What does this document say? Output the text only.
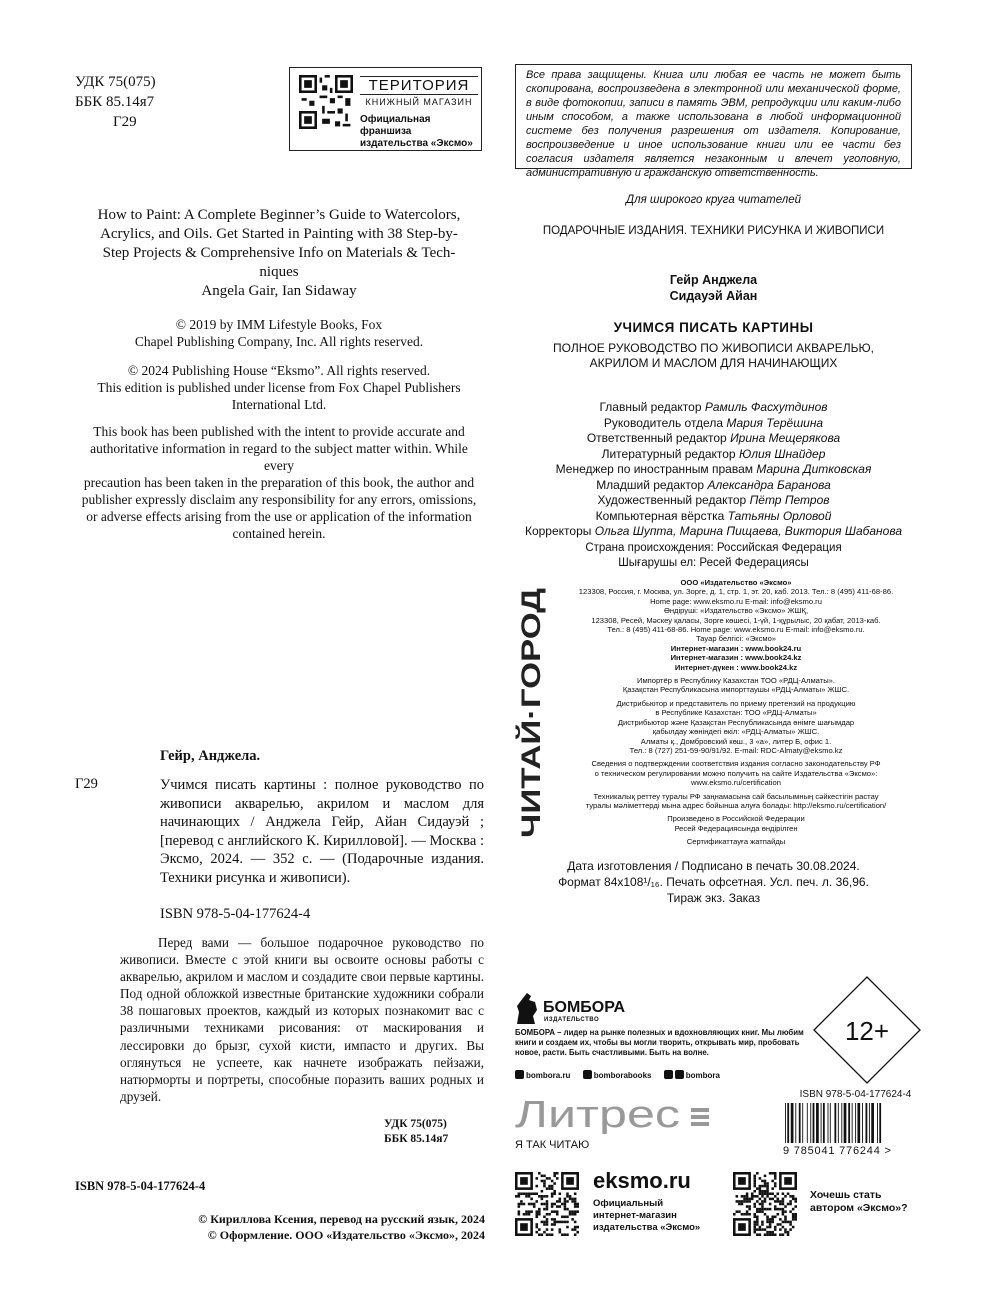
УДК 75(075)
ББК 85.14я7
Г29
ТЕРИТОРИЯ
КНИЖНЫЙ МАГАЗИН
Официальная франшиза издательства «Эксмо»
Все права защищены. Книга или любая ее часть не может быть скопирована, воспроизведена в электронной или механической форме, в виде фотокопии, записи в память ЭВМ, репродукции или каким-либо иным способом, а также использована в любой информационной системе без получения разрешения от издателя. Копирование, воспроизведение и иное использование книги или ее части без согласия издателя является незаконным и влечет уголовную, административную и гражданскую ответственность.
How to Paint: A Complete Beginner’s Guide to Watercolors,
Acrylics, and Oils. Get Started in Painting with 38 Step-by-
Step Projects & Comprehensive Info on Materials & Tech-
niques
Angela Gair, Ian Sidaway
© 2019 by IMM Lifestyle Books, Fox
Chapel Publishing Company, Inc. All rights reserved.
© 2024 Publishing House “Eksmo”. All rights reserved.
This edition is published under license from Fox Chapel Publishers
International Ltd.
This book has been published with the intent to provide accurate and
authoritative information in regard to the subject matter within. While every
precaution has been taken in the preparation of this book, the author and
publisher expressly disclaim any responsibility for any errors, omissions,
or adverse effects arising from the use or application of the information
contained herein.
Для широкого круга читателей
ПОДАРОЧНЫЕ ИЗДАНИЯ. ТЕХНИКИ РИСУНКА И ЖИВОПИСИ
Гейр Анджела
Сидауэй Айан
УЧИМСЯ ПИСАТЬ КАРТИНЫ
ПОЛНОЕ РУКОВОДСТВО ПО ЖИВОПИСИ АКВАРЕЛЬЮ,
АКРИЛОМ И МАСЛОМ ДЛЯ НАЧИНАЮЩИХ
Главный редактор Рамиль Фасхутдинов
Руководитель отдела Мария Терёшина
Ответственный редактор Ирина Мещерякова
Литературный редактор Юлия Шнайдер
Менеджер по иностранным правам Марина Дитковская
Младший редактор Александра Баранова
Художественный редактор Пётр Петров
Компьютерная вёрстка Татьяны Орловой
Корректоры Ольга Шупта, Марина Пищаева, Виктория Шабанова
Страна происхождения: Российская Федерация
Шығарушы ел: Ресей Федерациясы
ЧИТАЙ·ГОРОД
ООО «Издательство «Эксмо»
123308, Россия, г. Москва, ул. Зорге, д. 1, стр. 1, эт. 20, каб. 2013. Тел.: 8 (495) 411-68-86.
Home page: www.eksmo.ru E-mail: info@eksmo.ru
Өндіруші: «Издательство «Эксмо» ЖШҚ,
123308, Ресей, Мәскеу қаласы, Зорге көшесі, 1-үй, 1-құрылыс, 20 қабат, 2013-каб.
Тел.: 8 (495) 411-68-86. Home page: www.eksmo.ru E-mail: info@eksmo.ru.
Тауар белгісі: «Эксмо»
Интернет-магазин : www.book24.ru
Интернет-магазин : www.book24.kz
Интернет-дүкен : www.book24.kz
Импортёр в Республику Казахстан ТОО «РДЦ-Алматы».
Қазақстан Республикасына импорттаушы «РДЦ-Алматы» ЖШС.
Дистрибьютор и представитель по приему претензий на продукцию
в Республике Казахстан: ТОО «РДЦ-Алматы»
Дистрибьютор және Қазақстан Республикасында өнімге шағымдар
қабылдау жөніндегі өкіл: «РДЦ-Алматы» ЖШС.
Алматы қ., Домбровский көш., 3 «а», литер Б, офис 1.
Тел.: 8 (727) 251-59-90/91/92. E-mail: RDC-Almaty@eksmo.kz
Сведения о подтверждении соответствия издания согласно законодательству РФ
о техническом регулировании можно получить на сайте Издательства «Эксмо»:
www.eksmo.ru/certification
Техникалық реттеу туралы РФ заңнамасына сай басылымның сәйкестігін растау
туралы мәліметтерді мына адрес бойынша алуға болады: http://eksmo.ru/certification/
Произведено в Российской Федерации
Ресей Федерациясында өндірілген
Сертификаттауға жатпайды
Дата изготовления / Подписано в печать 30.08.2024.
Формат 84x108¹/₁₆. Печать офсетная. Усл. печ. л. 36,96.
Тираж экз. Заказ
Гейр, Анджела.
Г29	Учимся писать картины : полное руководство по живописи акварелью, акрилом и маслом для начинающих / Анджела Гейр, Айан Сидауэй ; [перевод с английского К. Кирилловой]. — Москва : Эксмо, 2024. — 352 с. — (Подарочные издания. Техники рисунка и живописи).
ISBN 978-5-04-177624-4
Перед вами — большое подарочное руководство по живописи. Вместе с этой книги вы освоите основы работы с акварелью, акрилом и маслом и создадите свои первые картины. Под одной обложкой известные британские художники собрали 38 пошаговых проектов, каждый из которых познакомит вас с различными техниками рисования: от маскирования и лессировки до брызг, сухой кисти, импасто и других. Вы оглянуться не успеете, как начнете изображать пейзажи, натюрморты и портреты, способные поразить ваших родных и друзей.
УДК 75(075)
ББК 85.14я7
ISBN 978-5-04-177624-4
© Кириллова Ксения, перевод на русский язык, 2024
© Оформление. ООО «Издательство «Эксмо», 2024
12+
БОМБОРА
ИЗДАТЕЛЬСТВО
БОМБОРА – лидер на рынке полезных и вдохновляющих книг. Мы любим книги и создаем их, чтобы вы могли творить, открывать мир, пробовать новое, расти. Быть счастливыми. Быть на волне.
bombora.ru	bomborabooks	bombora
Литрес
Я ТАК ЧИТАЮ
ISBN 978-5-04-177624-4
9 785041 776244 >
eksmo.ru
Официальный
интернет-магазин
издательства «Эксмо»
Хочешь стать
автором «Эксмо»?
